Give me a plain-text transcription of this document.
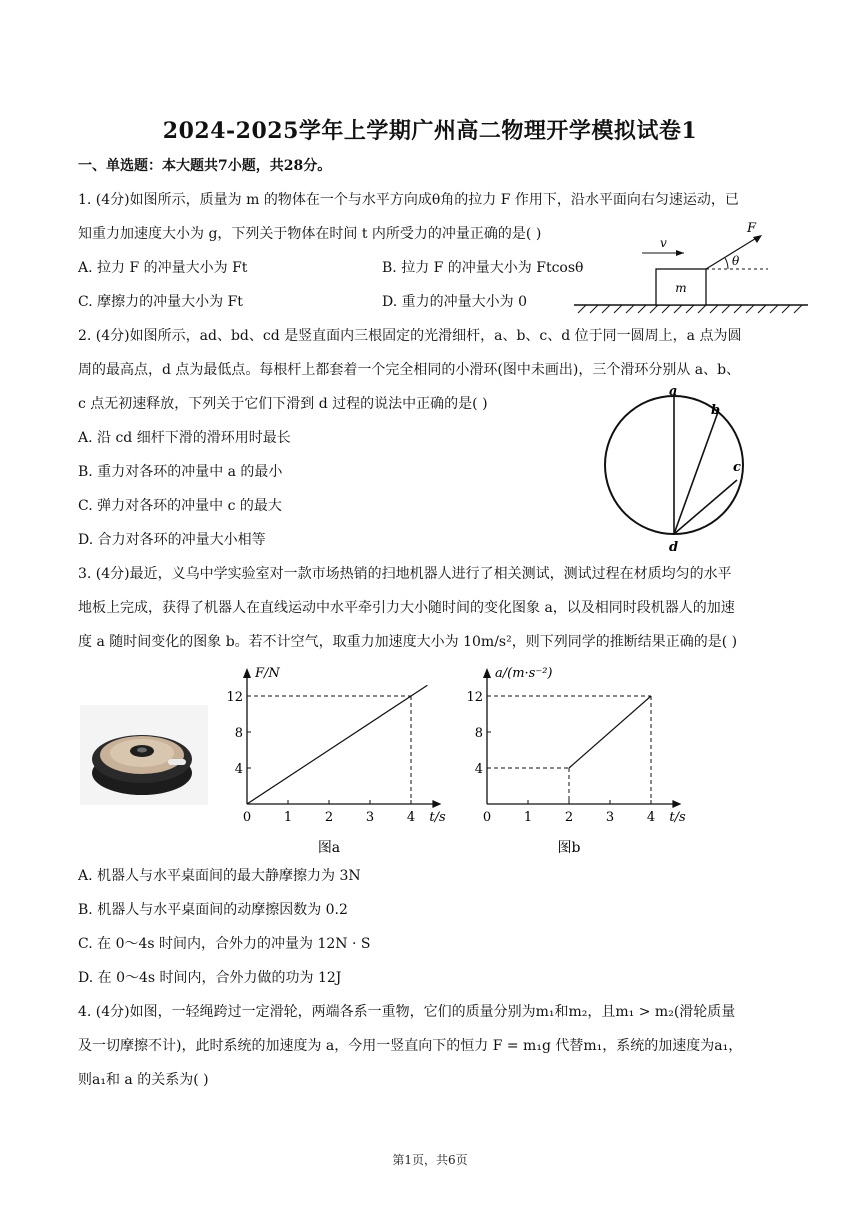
2024-2025学年上学期广州高二物理开学模拟试卷1
一、单选题：本大题共7小题，共28分。
1. (4分)如图所示，质量为 m 的物体在一个与水平方向成θ角的拉力 F 作用下，沿水平面向右匀速运动，已
知重力加速度大小为 g，下列关于物体在时间 t 内所受力的冲量正确的是( )
A. 拉力 F 的冲量大小为 Ft	B. 拉力 F 的冲量大小为 Ftcosθ
C. 摩擦力的冲量大小为 Ft	D. 重力的冲量大小为 0
m
v
F
θ
2. (4分)如图所示，ad、bd、cd 是竖直面内三根固定的光滑细杆，a、b、c、d 位于同一圆周上，a 点为圆
周的最高点，d 点为最低点。每根杆上都套着一个完全相同的小滑环(图中未画出)，三个滑环分别从 a、b、
c 点无初速释放，下列关于它们下滑到 d 过程的说法中正确的是( )
A. 沿 cd 细杆下滑的滑环用时最长
B. 重力对各环的冲量中 a 的最小
C. 弹力对各环的冲量中 c 的最大
D. 合力对各环的冲量大小相等
a
b
c
d
3. (4分)最近，义乌中学实验室对一款市场热销的扫地机器人进行了相关测试，测试过程在材质均匀的水平
地板上完成，获得了机器人在直线运动中水平牵引力大小随时间的变化图象 a，以及相同时段机器人的加速
度 a 随时间变化的图象 b。若不计空气，取重力加速度大小为 10m/s²，则下列同学的推断结果正确的是( )
0	1	2	3	4
4
8
12
t/s
F/N
图a
0	1	2	3	4
4
8
12
t/s
a/(m·s⁻²)
图b
A. 机器人与水平桌面间的最大静摩擦力为 3N
B. 机器人与水平桌面间的动摩擦因数为 0.2
C. 在 0～4s 时间内，合外力的冲量为 12N · S
D. 在 0～4s 时间内，合外力做的功为 12J
4. (4分)如图，一轻绳跨过一定滑轮，两端各系一重物，它们的质量分别为m₁和m₂，且m₁ > m₂(滑轮质量
及一切摩擦不计)，此时系统的加速度为 a，今用一竖直向下的恒力 F = m₁g 代替m₁，系统的加速度为a₁，
则a₁和 a 的关系为( )
第1页，共6页
